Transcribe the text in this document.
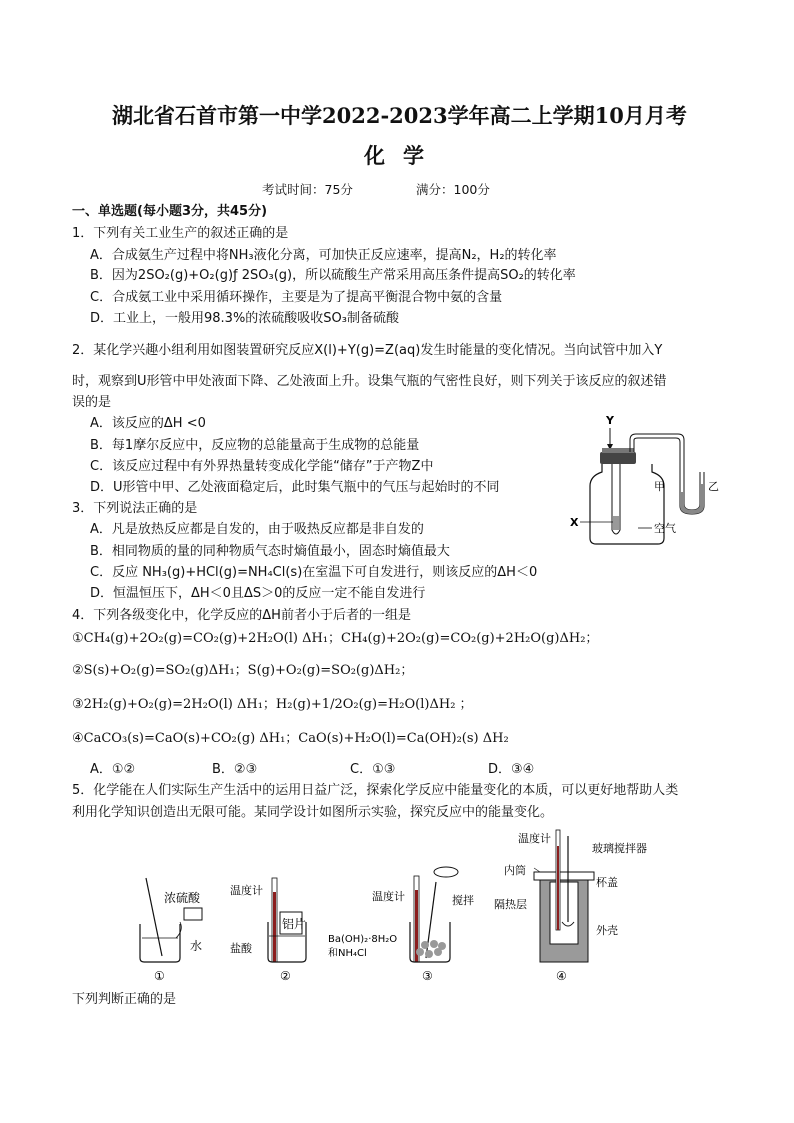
湖北省石首市第一中学2022-2023学年高二上学期10月月考
化学
考试时间：75分	满分：100分
一、单选题(每小题3分，共45分)
1．下列有关工业生产的叙述正确的是
A．合成氨生产过程中将NH₃液化分离，可加快正反应速率，提高N₂，H₂的转化率
B．因为2SO₂(g)+O₂(g)ƒ 2SO₃(g)，所以硫酸生产常采用高压条件提高SO₂的转化率
C．合成氨工业中采用循环操作，主要是为了提高平衡混合物中氨的含量
D．工业上，一般用98.3%的浓硫酸吸收SO₃制备硫酸
2．某化学兴趣小组利用如图装置研究反应X(l)+Y(g)=Z(aq)发生时能量的变化情况。当向试管中加入Y
时，观察到U形管中甲处液面下降、乙处液面上升。设集气瓶的气密性良好，则下列关于该反应的叙述错
误的是
A．该反应的ΔH <0
B．每1摩尔反应中，反应物的总能量高于生成物的总能量
C．该反应过程中有外界热量转变成化学能“储存”于产物Z中
D．U形管中甲、乙处液面稳定后，此时集气瓶中的气压与起始时的不同
Y
X
甲	乙
空气
3．下列说法正确的是
A．凡是放热反应都是自发的，由于吸热反应都是非自发的
B．相同物质的量的同种物质气态时熵值最小，固态时熵值最大
C．反应 NH₃(g)+HCl(g)=NH₄Cl(s)在室温下可自发进行，则该反应的ΔH＜0
D．恒温恒压下，ΔH＜0且ΔS＞0的反应一定不能自发进行
4．下列各级变化中，化学反应的ΔH前者小于后者的一组是
①CH₄(g)+2O₂(g)=CO₂(g)+2H₂O(l) ΔH₁；CH₄(g)+2O₂(g)=CO₂(g)+2H₂O(g)ΔH₂；
②S(s)+O₂(g)=SO₂(g)ΔH₁；S(g)+O₂(g)=SO₂(g)ΔH₂；
③2H₂(g)+O₂(g)=2H₂O(l) ΔH₁；H₂(g)+1/2O₂(g)=H₂O(l)ΔH₂ ；
④CaCO₃(s)=CaO(s)+CO₂(g) ΔH₁；CaO(s)+H₂O(l)=Ca(OH)₂(s) ΔH₂
A．①②	B．②③	C．①③	D．③④
5．化学能在人们实际生产生活中的运用日益广泛，探索化学反应中能量变化的本质，可以更好地帮助人类
利用化学知识创造出无限可能。某同学设计如图所示实验，探究反应中的能量变化。
浓硫酸
水
①
温度计
铝片
盐酸
②
温度计	搅拌
Ba(OH)₂·8H₂O
和NH₄Cl
③
温度计
玻璃搅拌器
内筒
杯盖
隔热层
外壳
④
下列判断正确的是
